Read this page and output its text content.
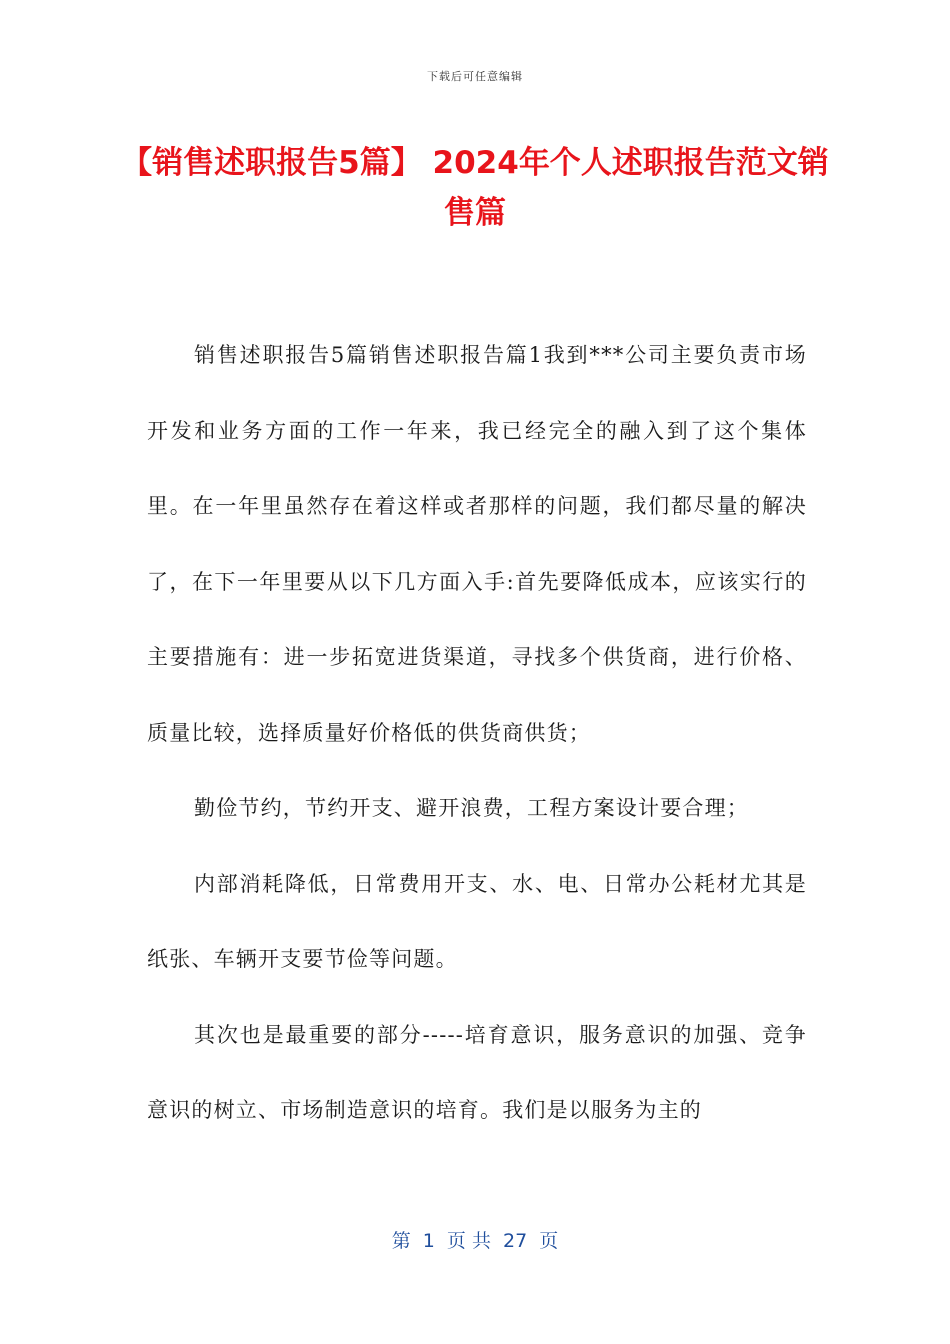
下载后可任意编辑
【销售述职报告5篇】 2024年个人述职报告范文销售篇

销售述职报告5篇销售述职报告篇1我到***公司主要负责市场开发和业务方面的工作一年来，我已经完全的融入到了这个集体里。在一年里虽然存在着这样或者那样的问题，我们都尽量的解决了，在下一年里要从以下几方面入手:首先要降低成本，应该实行的主要措施有：进一步拓宽进货渠道，寻找多个供货商，进行价格、质量比较，选择质量好价格低的供货商供货；

勤俭节约，节约开支、避开浪费，工程方案设计要合理；

内部消耗降低，日常费用开支、水、电、日常办公耗材尤其是纸张、车辆开支要节俭等问题。

其次也是最重要的部分-----培育意识，服务意识的加强、竞争意识的树立、市场制造意识的培育。我们是以服务为主的

第  1  页 共  27  页
